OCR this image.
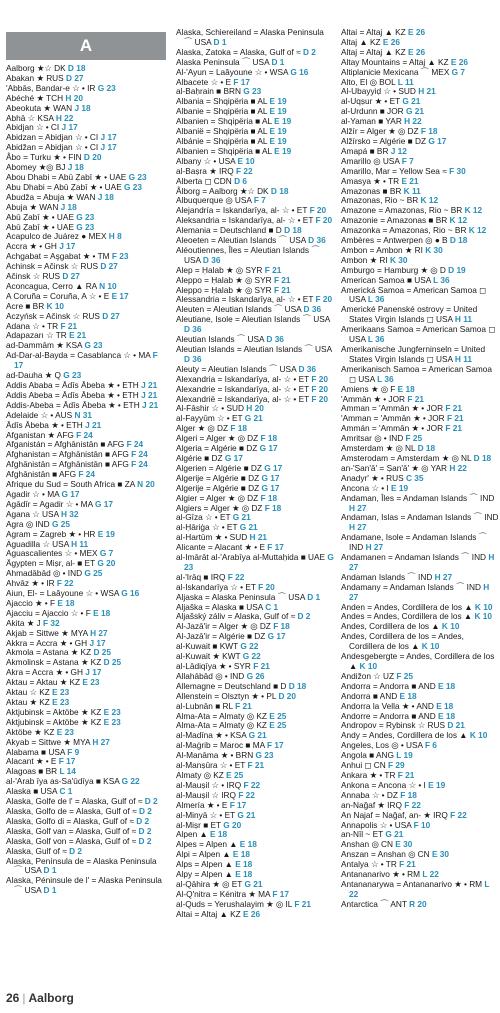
A
Aalborg ★☆ DK D 18
Abakan ★ RUS D 27
'Abbās, Bandar-e ☆ • IR G 23
Abéché ★ TCH H 20
Abeokuta ★ WAN J 18
Abhā ☆ KSA H 22
Abidjan ☆ • CI J 17
Abidzan = Abidjan ☆ • CI J 17
Abidžan = Abidjan ☆ • CI J 17
Åbo = Turku ★ • FIN D 20
Abomey ★◎ BJ J 18
Abou Dhabi = Abū Ẓabī ★ • UAE G 23
Abu Dhabi = Abū Ẓabī ★ • UAE G 23
Abudža = Abuja ★ WAN J 18
Abuja ★ WAN J 18
Abū Ẓabī ★ • UAE G 23
Abū Ẓabī ★ • UAE G 23
Acapulco de Juárez ● MEX H 8
Accra ★ • GH J 17
Achgabat = Aşgabat ★ • TM F 23
Achinsk = Ačinsk ☆ RUS D 27
Ačinsk ☆ RUS D 27
Aconcagua, Cerro ▲ RA N 10
A Coruña = Coruña, A ☆ • E E 17
Acre ■ BR K 10
Aczyńsk = Ačinsk ☆ RUS D 27
Adana ☆ • TR F 21
Adapazarı ☆ TR E 21
ad-Dammām ★ KSA G 23
Ad-Dar-al-Bayda = Casablanca ☆ • MA F 17
ad-Dauha ★ Q G 23
Addis Ababa = Ādīs Ābeba ★ • ETH J 21
Addis Abeba = Ādīs Ābeba ★ • ETH J 21
Addis-Abeba = Ādīs Ābeba ★ • ETH J 21
Adelaide ☆ • AUS N 31
Ādīs Ābeba ★ • ETH J 21
Afganistan ★ AFG F 24
Afganistán = Afghānistān ■ AFG F 24
Afghanistan = Afghānistān ■ AFG F 24
Afghānistān = Afghānistān ■ AFG F 24
Afghānistān ■ AFG F 24
Afrique du Sud = South Africa ■ ZA N 20
Agadir ☆ • MA G 17
Agādīr = Agadir ☆ • MA G 17
Agana ☆ USA H 32
Agra ◎ IND G 25
Agram = Zagreb ★ • HR E 19
Aguadilla ☆ USA H 11
Aguascalientes ☆ • MEX G 7
Ägypten = Miṣr, al- ■ ET G 20
Ahmadābād ◎ • IND G 25
Ahvāz ★ • IR F 22
Aiun, El- = Laâyoune ☆ • WSA G 16
Ajaccio ★ • F E 18
Ajacciu = Ajaccio ☆ • F E 18
Akita ★ J F 32
Akjab = Sittwe ★ MYA H 27
Akkra = Accra ★ • GH J 17
Akmola = Astana ★ KZ D 25
Akmolinsk = Astana ★ KZ D 25
Akra = Accra ★ • GH J 17
Aktau = Aktau ★ KZ E 23
Aktau ☆ KZ E 23
Aktau ★ KZ E 23
Aktjubinsk = Aktöbe ★ KZ E 23
Aktjubinsk = Aktöbe ★ KZ E 23
Aktöbe ★ KZ E 23
Akyab = Sittwe ★ MYA H 27
Alabama ■ USA F 9
Alacant ★ • E F 17
Alagoas ■ BR L 14
al-'Arab īya as-Sa'ūdīya ■ KSA G 22
Alaska ■ USA C 1
Alaska, Golfe de l' = Alaska, Gulf of ≈ D 2
Alaska, Golfo de = Alaska, Gulf of ≈ D 2
Alaska, Golfo di = Alaska, Gulf of ≈ D 2
Alaska, Golf van = Alaska, Gulf of ≈ D 2
Alaska, Golf von = Alaska, Gulf of ≈ D 2
Alaska, Gulf of ≈ D 2
Alaska, Península de = Alaska Peninsula ⌒ USA D 1
Alaska, Péninsule de l' = Alaska Peninsula ⌒ USA D 1
Alaska, Schiereiland = Alaska Peninsula ⌒ USA D 1
Alaska, Zatoka = Alaska, Gulf of ≈ D 2
Alaska Peninsula ⌒ USA D 1
Al-'Ayun = Laâyoune ☆ • WSA G 16
Albacete ☆ • E F 17
al-Baḥrain ■ BRN G 23
Albania = Shqipëria ■ AL E 19
Albanie = Shqipëria ■ AL E 19
Albanien = Shqipëria ■ AL E 19
Albanië = Shqipëria ■ AL E 19
Albánie = Shqipëria ■ AL E 19
Albanien = Shqipëria ■ AL E 19
Albany ☆ • USA E 10
al-Baṣra ★ IRQ F 22
Alberta ◻ CDN D 6
Ålborg = Aalborg ★☆ DK D 18
Albuquerque ◎ USA F 7
Alejandría = Iskandarīya, al- ☆ • ET F 20
Aleksandria = Iskandarīya, al- ☆ • ET F 20
Alemania = Deutschland ■ D D 18
Aleoeten = Aleutian Islands ⌒ USA D 36
Aléoutiennes, Îles = Aleutian Islands ⌒ USA D 36
Alep = Ḥalab ★ ◎ SYR F 21
Aleppo = Ḥalab ★ ◎ SYR F 21
Aleppo = Ḥalab ★ ◎ SYR F 21
Alessandria = Iskandarīya, al- ☆ • ET F 20
Aleuten = Aleutian Islands ⌒ USA D 36
Aleutiane, Isole = Aleutian Islands ⌒ USA D 36
Aleutian Islands ⌒ USA D 36
Aleutian Islands = Aleutian Islands ⌒ USA D 36
Aleuty = Aleutian Islands ⌒ USA D 36
Alexandria = Iskandarīya, al- ☆ • ET F 20
Alexandrie = Iskandarīya, al- ☆ • ET F 20
Alexandrië = Iskandarīya, al- ☆ • ET F 20
Al-Fāshir ☆ • SUD H 20
al-Fayyūm ☆ • ET G 21
Alger ★ ◎ DZ F 18
Algeri = Alger ★ ◎ DZ F 18
Algeria = Algérie ■ DZ G 17
Algérie ■ DZ G 17
Algerien = Algérie ■ DZ G 17
Algerije = Algérie ■ DZ G 17
Algerije = Algérie ■ DZ G 17
Algier = Alger ★ ◎ DZ F 18
Algiers = Alger ★ ◎ DZ F 18
al-Gīza ☆ • ET G 21
al-Ḥāriġa ☆ • ET G 21
al-Hartūm ★ • SUD H 21
Alicante = Alacant ★ • E F 17
al-Imārāt al-'Arabīya al-Muttaḥida ■ UAE G 23
al-'Irāq ■ IRQ F 22
al-Iskandarīya ☆ • ET F 20
Aljaska = Alaska Peninsula ⌒ USA D 1
Aljaška = Alaska ■ USA C 1
Aljašský záliv = Alaska, Gulf of ≈ D 2
Al-Jazā'ir = Alger ★ ◎ DZ F 18
Al-Jazā'ir = Algérie ■ DZ G 17
al-Kuwait ■ KWT G 22
al-Kuwait ★ KWT G 22
al-Lādiqīya ★ • SYR F 21
Allahābād ◎ • IND G 26
Allemagne = Deutschland ■ D D 18
Allenstein = Olsztyn ★ • PL D 20
al-Lubnān ■ RL F 21
Alma-Ata = Almaty ◎ KZ E 25
Alma-Ata = Almaty ◎ KZ E 25
al-Madīna ★ • KSA G 21
al-Maġrib = Maroc ■ MA F 17
Al-Manāma ★ • BRN G 23
al-Manṣūra ☆ • ET F 21
Almaty ◎ KZ E 25
al-Mauṣil ☆ • IRQ F 22
al-Mauṣil ☆ IRQ F 22
Almería ★ • E F 17
al-Minyā ☆ • ET G 21
al-Miṣr ■ ET G 20
Alpen ▲ E 18
Alpes = Alpen ▲ E 18
Alpi = Alpen ▲ E 18
Alps = Alpen ▲ E 18
Alpy = Alpen ▲ E 18
al-Qāhira ★ ◎ ET G 21
Al-Q'nitra = Kénitra ★ MA F 17
al-Quds = Yerushalayim ★ ◎ IL F 21
Altai = Altaj ▲ KZ E 26
Altai = Altaj ▲ KZ E 26
Altaj ▲ KZ E 26
Altaj = Altaj ▲ KZ E 26
Altay Mountains = Altaj ▲ KZ E 26
Altiplanicie Mexicana ⌒ MEX G 7
Alto, El ◎ BOL L 11
Al-Ubayyiḍ ☆ • SUD H 21
al-Uqṣur ★ • ET G 21
al-Urdunn ■ JOR G 21
al-Yaman ■ YAR H 22
Alžír = Alger ★ ◎ DZ F 18
Alžírsko = Algérie ■ DZ G 17
Amapá ■ BR J 12
Amarillo ◎ USA F 7
Amarillo, Mar = Yellow Sea ≈ F 30
Amasya ★ • TR E 21
Amazonas ■ BR K 11
Amazonas, Rio ~ BR K 12
Amazone = Amazonas, Rio ~ BR K 12
Amazonie = Amazonas ■ BR K 12
Amazonka = Amazonas, Rio ~ BR K 12
Ambères = Antwerpen ◎ ● B D 18
Ambon = Ambon ★ RI K 30
Ambon ★ RI K 30
Amburgo = Hamburg ★ ◎ D D 19
American Samoa ■ USA L 36
Americká Samoa = American Samoa ◻ USA L 36
Americké Panenské ostrovy = United States Virgin Islands ◻ USA H 11
Amerikaans Samoa = American Samoa ◻ USA L 36
Amerikanische Jungferninseln = United States Virgin Islands ◻ USA H 11
Amerikanisch Samoa = American Samoa ◻ USA L 36
Amiens ★ ◎ F E 18
'Ammān ★ • JOR F 21
Amman = 'Ammān ★ • JOR F 21
'Amman = 'Ammān ★ • JOR F 21
Ammán = 'Ammān ★ • JOR F 21
Amritsar ◎ • IND F 25
Amsterdam ★ ◎ NL D 18
Amsterodam = Amsterdam ★ ◎ NL D 18
an-'Ṣan'ā' = Ṣan'ā' ★ ◎ YAR H 22
Anadyr' ★ • RUS C 35
Ancona ☆ • I E 19
Andaman, Îles = Andaman Islands ⌒ IND H 27
Andaman, Islas = Andaman Islands ⌒ IND H 27
Andamane, Isole = Andaman Islands ⌒ IND H 27
Andamanen = Andaman Islands ⌒ IND H 27
Andaman Islands ⌒ IND H 27
Andamany = Andaman Islands ⌒ IND H 27
Anden = Andes, Cordillera de los ▲ K 10
Andes = Andes, Cordillera de los ▲ K 10
Andes, Cordillera de los ▲ K 10
Andes, Cordillera de los = Andes, Cordillera de los ▲ K 10
Andesgebergte = Andes, Cordillera de los ▲ K 10
Andižon ☆ UZ F 25
Andorra = Andorra ■ AND E 18
Andorra ■ AND E 18
Andorra la Vella ★ • AND E 18
Andorre = Andorra ■ AND E 18
Andropov = Rybinsk ☆ RUS D 21
Andy = Andes, Cordillera de los ▲ K 10
Angeles, Los ◎ • USA F 6
Angola ■ ANG L 19
Anhui ◻ CN F 29
Ankara ★ • TR F 21
Ankona = Ancona ☆ • I E 19
Annaba ☆ • DZ F 18
an-Naǧaf ★ IRQ F 22
An Najaf = Naǧaf, an- ★ IRQ F 22
Annapolis ☆ • USA F 10
an-Nīl ~ ET G 21
Anshan ◎ CN E 30
Anszan = Anshan ◎ CN E 30
Antalya ☆ • TR F 21
Antananarivo ★ • RM L 22
Antananarywa = Antananarivo ★ • RM L 22
Antarctica ⌒ ANT R 20
26 | Aalborg
